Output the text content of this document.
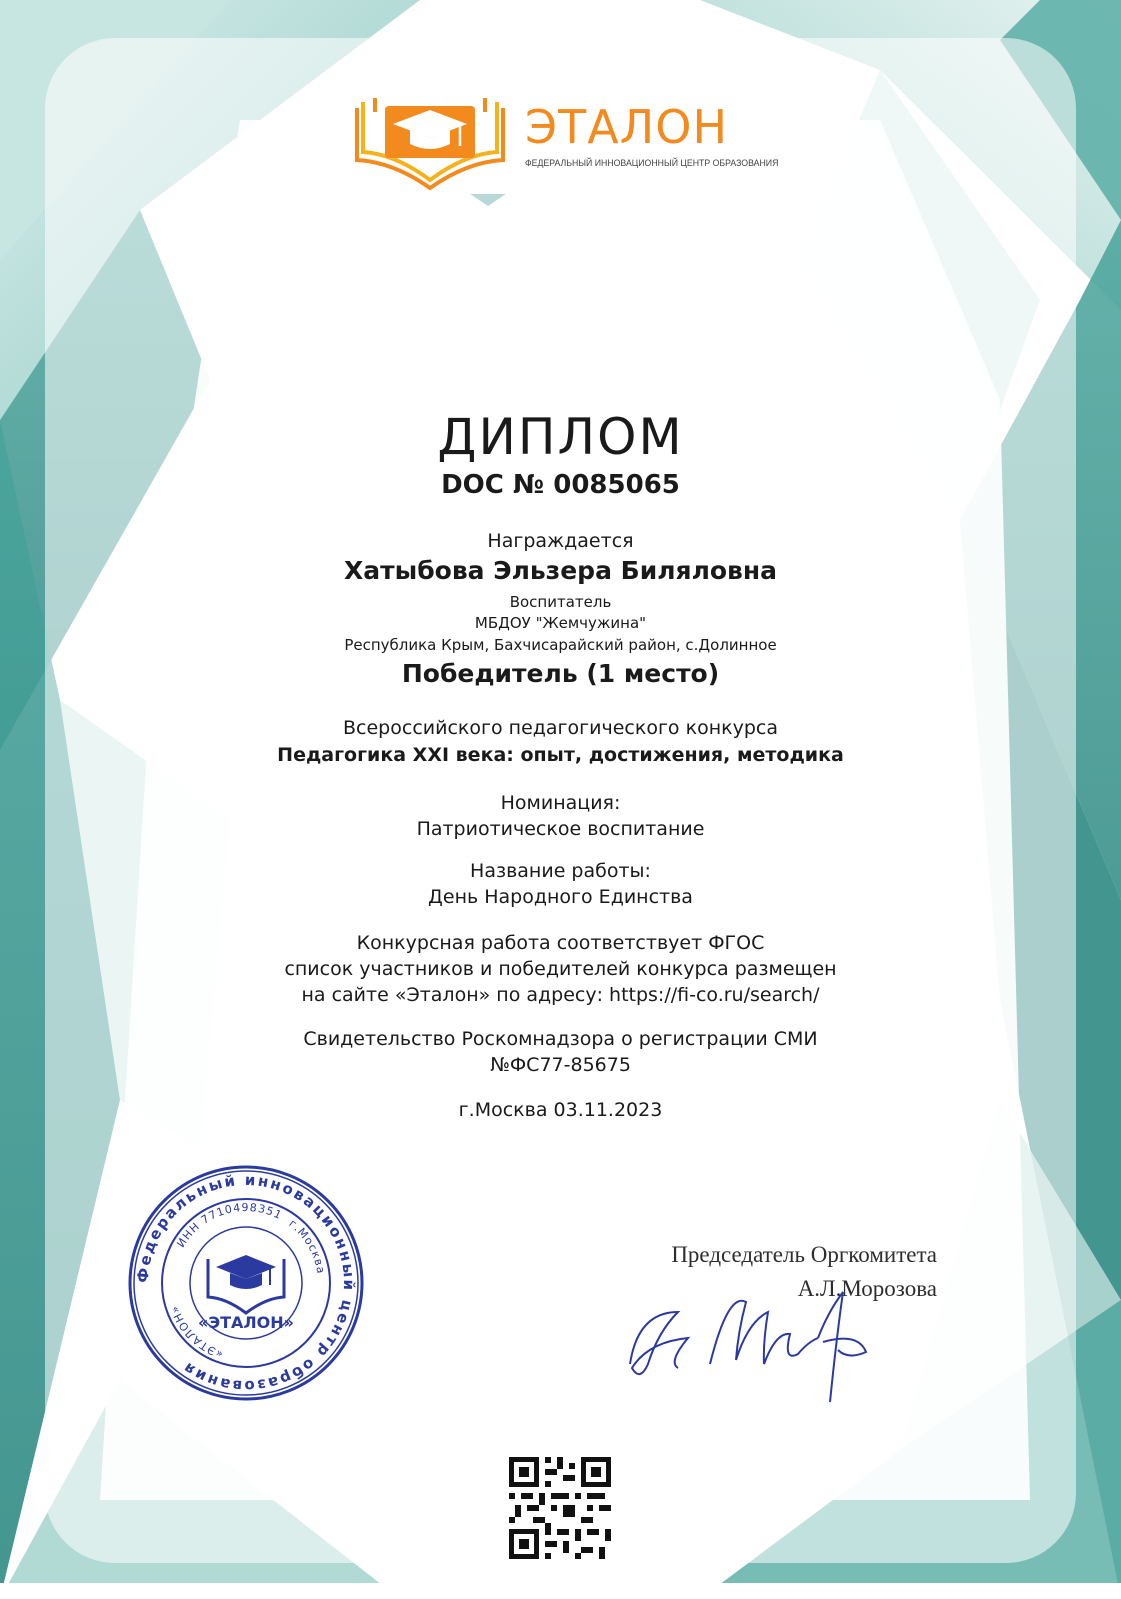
ЭТАЛОН
ФЕДЕРАЛЬНЫЙ ИННОВАЦИОННЫЙ ЦЕНТР ОБРАЗОВАНИЯ
ДИПЛОМ
DOC № 0085065
Награждается
Хатыбова Эльзера Биляловна
Воспитатель
МБДОУ "Жемчужина"
Республика Крым, Бахчисарайский район, с.Долинное
Победитель (1 место)
Всероссийского педагогического конкурса
Педагогика XXI века: опыт, достижения, методика
Номинация:
Патриотическое воспитание
Название работы:
День Народного Единства
Конкурсная работа соответствует ФГОС
список участников и победителей конкурса размещен
на сайте «Эталон» по адресу: https://fi-co.ru/search/
Свидетельство Роскомнадзора о регистрации СМИ
№ФС77-85675
г.Москва 03.11.2023
Федеральный инновационный центр образования
ИНН 7710498351
г.Москва
«ЭТАЛОН»
«ЭТАЛОН»
Председатель Оргкомитета
А.Л.Морозова
